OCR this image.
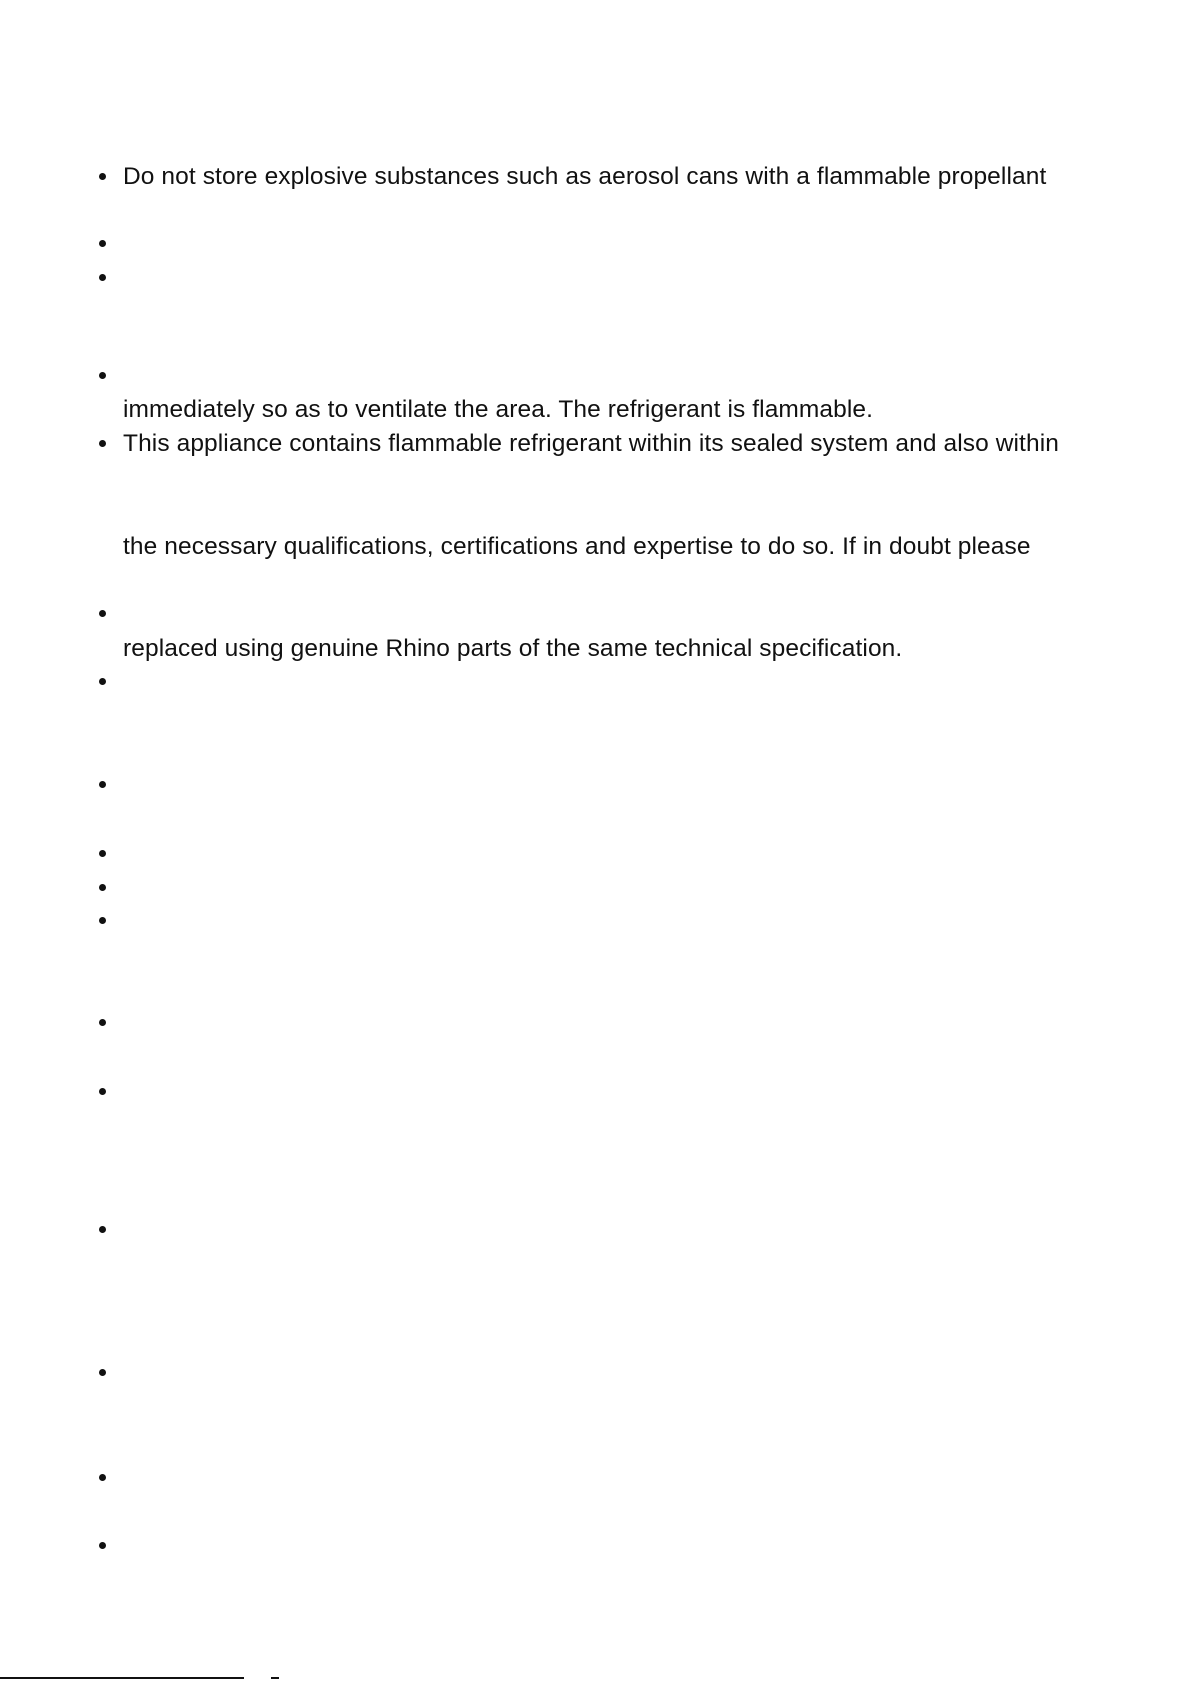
Do not store explosive substances such as aerosol cans with a flammable propellant
immediately so as to ventilate the area. The refrigerant is flammable.
This appliance contains flammable refrigerant within its sealed system and also within
the necessary qualifications, certifications and expertise to do so. If in doubt please
replaced using genuine Rhino parts of the same technical specification.
